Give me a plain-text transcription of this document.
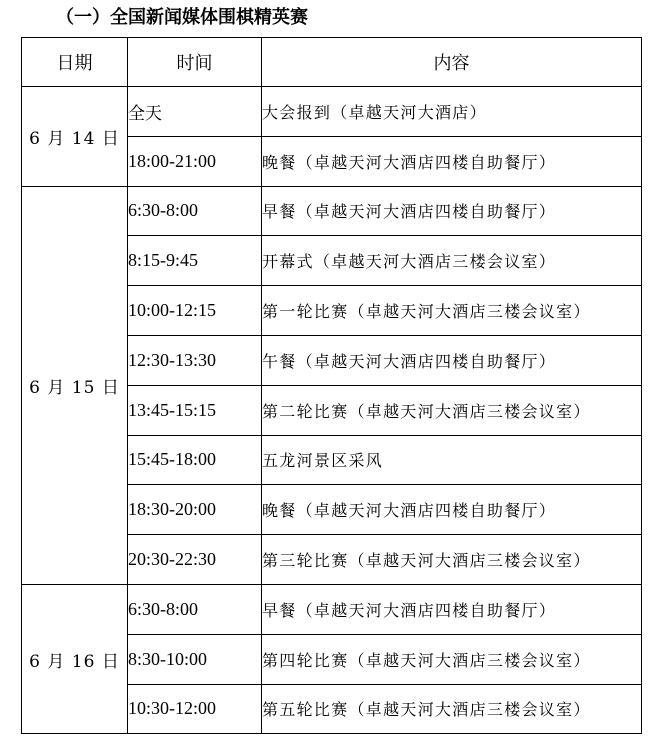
（一）全国新闻媒体围棋精英赛
日期	时间	内容
6 月 14 日	全天	大会报到（卓越天河大酒店）
	18:00-21:00	晚餐（卓越天河大酒店四楼自助餐厅）
6 月 15 日	6:30-8:00	早餐（卓越天河大酒店四楼自助餐厅）
	8:15-9:45	开幕式（卓越天河大酒店三楼会议室）
	10:00-12:15	第一轮比赛（卓越天河大酒店三楼会议室）
	12:30-13:30	午餐（卓越天河大酒店四楼自助餐厅）
	13:45-15:15	第二轮比赛（卓越天河大酒店三楼会议室）
	15:45-18:00	五龙河景区采风
	18:30-20:00	晚餐（卓越天河大酒店四楼自助餐厅）
	20:30-22:30	第三轮比赛（卓越天河大酒店三楼会议室）
6 月 16 日	6:30-8:00	早餐（卓越天河大酒店四楼自助餐厅）
	8:30-10:00	第四轮比赛（卓越天河大酒店三楼会议室）
	10:30-12:00	第五轮比赛（卓越天河大酒店三楼会议室）
